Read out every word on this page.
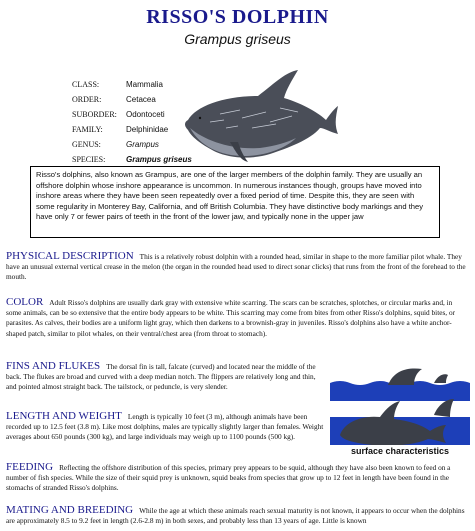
RISSO'S DOLPHIN
Grampus griseus
CLASS:	Mammalia
ORDER:	Cetacea
SUBORDER:	Odontoceti
FAMILY:	Delphinidae
GENUS:	Grampus
SPECIES:	Grampus griseus
Risso's dolphins, also known as Grampus, are one of the larger members of the dolphin family. They are usually an offshore dolphin whose inshore appearance is uncommon. In numerous instances though, groups have moved into inshore areas where they have been seen repeatedly over a fixed period of time. Despite this, they are seen with some regularity in Monterey Bay, California, and off British Columbia. They have distinctive body markings and they have only 7 or fewer pairs of teeth in the front of the lower jaw, and typically none in the upper jaw
PHYSICAL DESCRIPTION This is a relatively robust dolphin with a rounded head, similar in shape to the more familiar pilot whale. They have an unusual external vertical crease in the melon (the organ in the rounded head used to direct sonar clicks) that runs from the front of the forehead to the mouth.
COLOR Adult Risso's dolphins are usually dark gray with extensive white scarring. The scars can be scratches, splotches, or circular marks and, in some animals, can be so extensive that the entire body appears to be white. This scarring may come from bites from other Risso's dolphins, squid bites, or parasites. As calves, their bodies are a uniform light gray, which then darkens to a brownish-gray in juveniles. Risso's dolphins also have a white anchor-shaped patch, similar to pilot whales, on their ventral/chest area (from throat to stomach).
FINS AND FLUKES The dorsal fin is tall, falcate (curved) and located near the middle of the back. The flukes are broad and curved with a deep median notch. The flippers are relatively long and thin, and pointed almost straight back. The tailstock, or peduncle, is very slender.
LENGTH AND WEIGHT Length is typically 10 feet (3 m), although animals have been recorded up to 12.5 feet (3.8 m). Like most dolphins, males are typically slightly larger than females. Weight averages about 650 pounds (300 kg), and large individuals may weigh up to 1100 pounds (500 kg).
FEEDING Reflecting the offshore distribution of this species, primary prey appears to be squid, although they have also been known to feed on a number of fish species. While the size of their squid prey is unknown, squid beaks from species that grow up to 12 feet in length have been found in the stomachs of stranded Risso's dolphins.
MATING AND BREEDING While the age at which these animals reach sexual maturity is not known, it appears to occur when the dolphins are approximately 8.5 to 9.2 feet in length (2.6-2.8 m) in both sexes, and probably less than 13 years of age. Little is known
surface characteristics
